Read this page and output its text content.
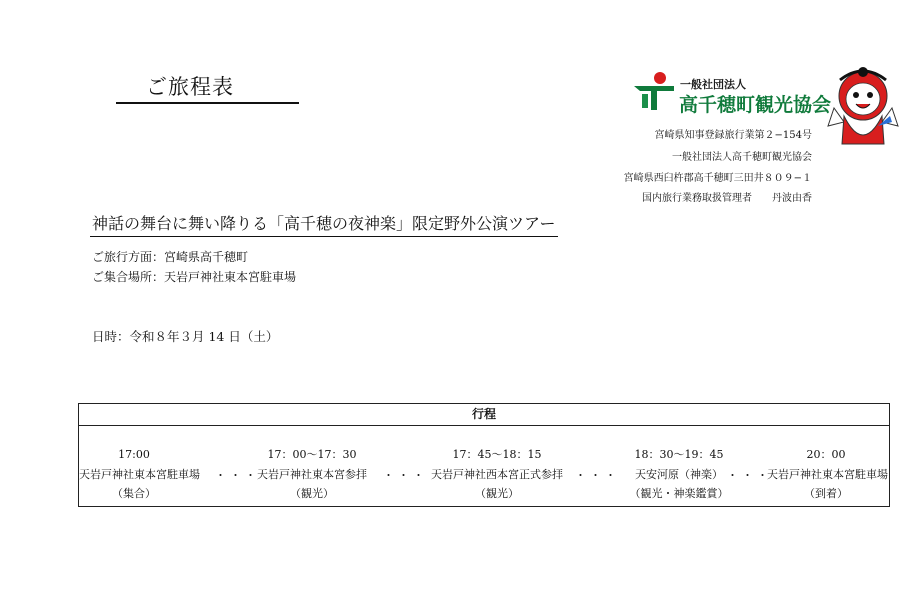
ご旅程表	一般社団法人
高千穂町観光協会
宮崎県知事登録旅行業第２−154号
一般社団法人高千穂町観光協会
宮崎県西臼杵郡高千穂町三田井８０９−１
国内旅行業務取扱管理者　　丹波由香
神話の舞台に舞い降りる「高千穂の夜神楽」限定野外公演ツアー
ご旅行方面：宮崎県高千穂町
ご集合場所：天岩戸神社東本宮駐車場
日時：令和８年３月 14 日（土）
行程
17:00
天岩戸神社東本宮駐車場
（集合）
・・・
17：00〜17：30
天岩戸神社東本宮参拝
（観光）
・・・
17：45〜18：15
天岩戸神社西本宮正式参拝
（観光）
・・・
18：30〜19：45
天安河原（神楽）
（観光・神楽鑑賞）
・・・
20：00
天岩戸神社東本宮駐車場
（到着）
